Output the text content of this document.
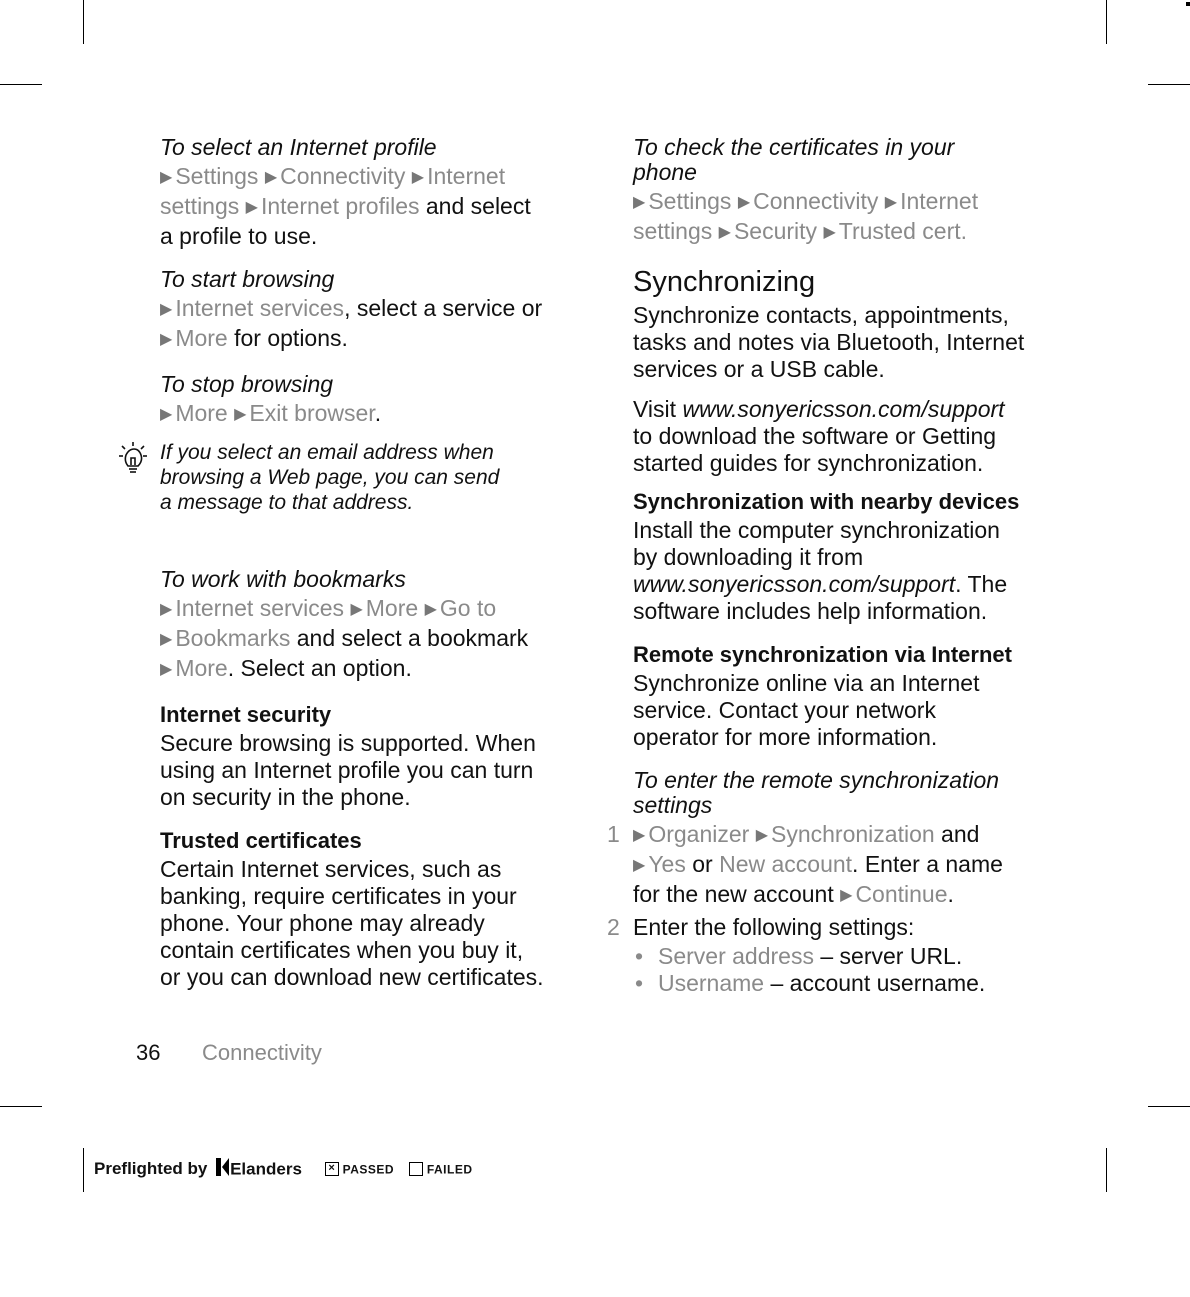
To select an Internet profile

▶ Settings ▶ Connectivity ▶ Internet

settings ▶ Internet profiles and select

a profile to use.

To start browsing

▶ Internet services, select a service or

▶ More for options.

To stop browsing

▶ More ▶ Exit browser.

To work with bookmarks

▶ Internet services ▶ More ▶ Go to

▶ Bookmarks and select a bookmark

▶ More. Select an option.

Internet security

Secure browsing is supported. When

using an Internet profile you can turn

on security in the phone.

Trusted certificates

Certain Internet services, such as

banking, require certificates in your

phone. Your phone may already

contain certificates when you buy it,

or you can download new certificates.

If you select an email address when

browsing a Web page, you can send

a message to that address.

To check the certificates in your

phone

▶ Settings ▶ Connectivity ▶ Internet

settings ▶ Security ▶ Trusted cert.

Synchronizing

Synchronize contacts, appointments,

tasks and notes via Bluetooth, Internet

services or a USB cable.

Visit www.sonyericsson.com/support

to download the software or Getting

started guides for synchronization.

Synchronization with nearby devices

Install the computer synchronization

by downloading it from

www.sonyericsson.com/support. The

software includes help information.

Remote synchronization via Internet

Synchronize online via an Internet

service. Contact your network

operator for more information.

To enter the remote synchronization

settings

1 ▶ Organizer ▶ Synchronization and

▶ Yes or New account. Enter a name

for the new account ▶ Continue.

2 Enter the following settings:

• Server address – server URL.

• Username – account username.

36 Connectivity
Preflighted by Elanders × PASSED	FAILED
